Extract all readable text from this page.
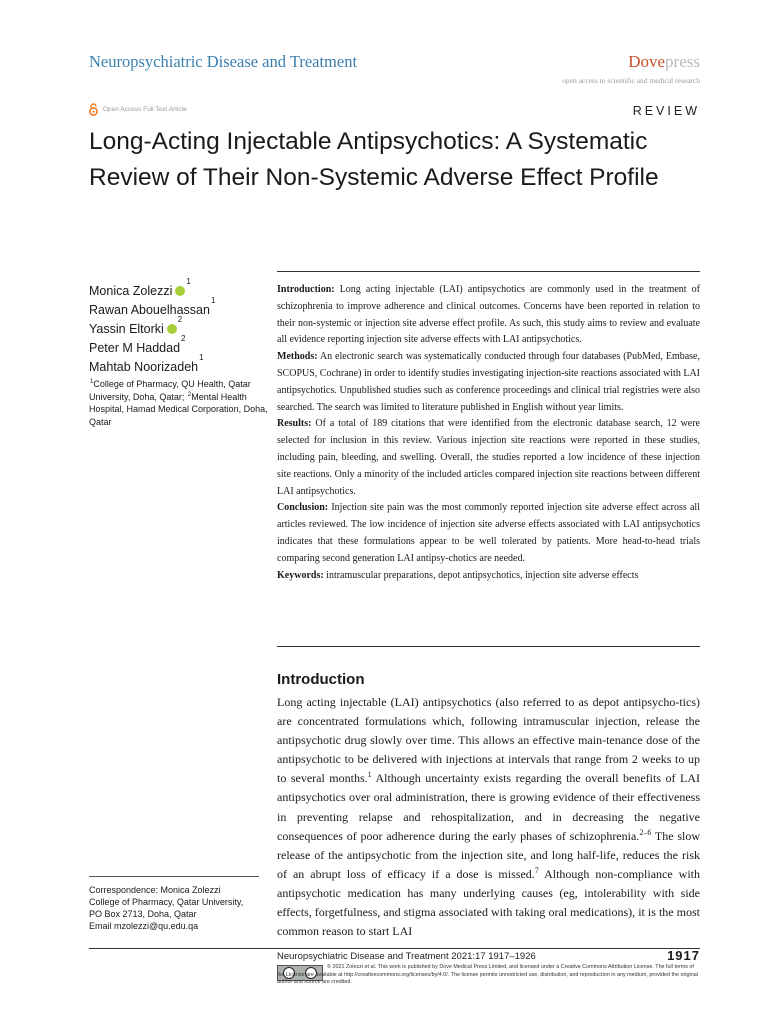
Neuropsychiatric Disease and Treatment	Dovepress
open access to scientific and medical research
Open Access Full Text Article	REVIEW
Long-Acting Injectable Antipsychotics: A Systematic Review of Their Non-Systemic Adverse Effect Profile
Monica Zolezzi
1
Rawan Abouelhassan
1
Yassin Eltorki
2
Peter M Haddad
2
Mahtab Noorizadeh
1
$^1$College of Pharmacy, QU Health, Qatar University, Doha, Qatar; $^2$Mental Health Hospital, Hamad Medical Corporation, Doha, Qatar

Introduction: Long acting injectable (LAI) antipsychotics are commonly used in the treatment of schizophrenia to improve adherence and clinical outcomes. Concerns have been reported in relation to their non-systemic or injection site adverse effect profile. As such, this study aims to review and evaluate all evidence reporting injection site adverse effects with LAI antipsychotics.

Methods: An electronic search was systematically conducted through four databases (PubMed, Embase, SCOPUS, Cochrane) in order to identify studies investigating injection-site reactions associated with LAI antipsychotics. Unpublished studies such as conference proceedings and clinical trial registries were also searched. The search was limited to literature published in English without year limits.

Results: Of a total of 189 citations that were identified from the electronic database search, 12 were selected for inclusion in this review. Various injection site reactions were reported in these studies, including pain, bleeding, and swelling. Overall, the studies reported a low incidence of these injection site reactions. Only a minority of the included articles compared injection site reactions between different LAI antipsychotics.

Conclusion: Injection site pain was the most commonly reported injection site adverse effect across all articles reviewed. The low incidence of injection site adverse effects associated with LAI antipsychotics indicates that these formulations appear to be well tolerated by patients. More head-to-head trials comparing second generation LAI antipsy-chotics are needed.

Keywords: intramuscular preparations, depot antipsychotics, injection site adverse effects

Introduction

Long acting injectable (LAI) antipsychotics (also referred to as depot antipsycho-tics) are concentrated formulations which, following intramuscular injection, release the antipsychotic drug slowly over time. This allows an effective main-tenance dose of the antipsychotic to be delivered with injections at intervals that range from 2 weeks to up to several months.$^1$ Although uncertainty exists regarding the overall benefits of LAI antipsychotics over oral administration, there is growing evidence of their effectiveness in preventing relapse and rehospitalization, and in decreasing the negative consequences of poor adherence during the early phases of schizophrenia.$^{2-6}$ The slow release of the antipsychotic from the injection site, and long half-life, reduces the risk of an abrupt loss of efficacy if a dose is missed.$^7$ Although non-compliance with antipsychotic medication has many underlying causes (eg, intolerability with side effects, forgetfulness, and stigma associated with taking oral medications), it is the most common reason to start LAI

Correspondence: Monica Zolezzi
College of Pharmacy, Qatar University,
PO Box 2713, Doha, Qatar
Email mzolezzi@qu.edu.qa
Neuropsychiatric Disease and Treatment 2021:17 1917–1926	1917
© 2021 Zolezzi et al. This work is published by Dove Medical Press Limited, and licensed under a Creative Commons Attribution License. The full terms of the License are available at http://creativecommons.org/licenses/by/4.0/. The license permits unrestricted use, distribution, and reproduction in any medium, provided the original author and source are credited.
